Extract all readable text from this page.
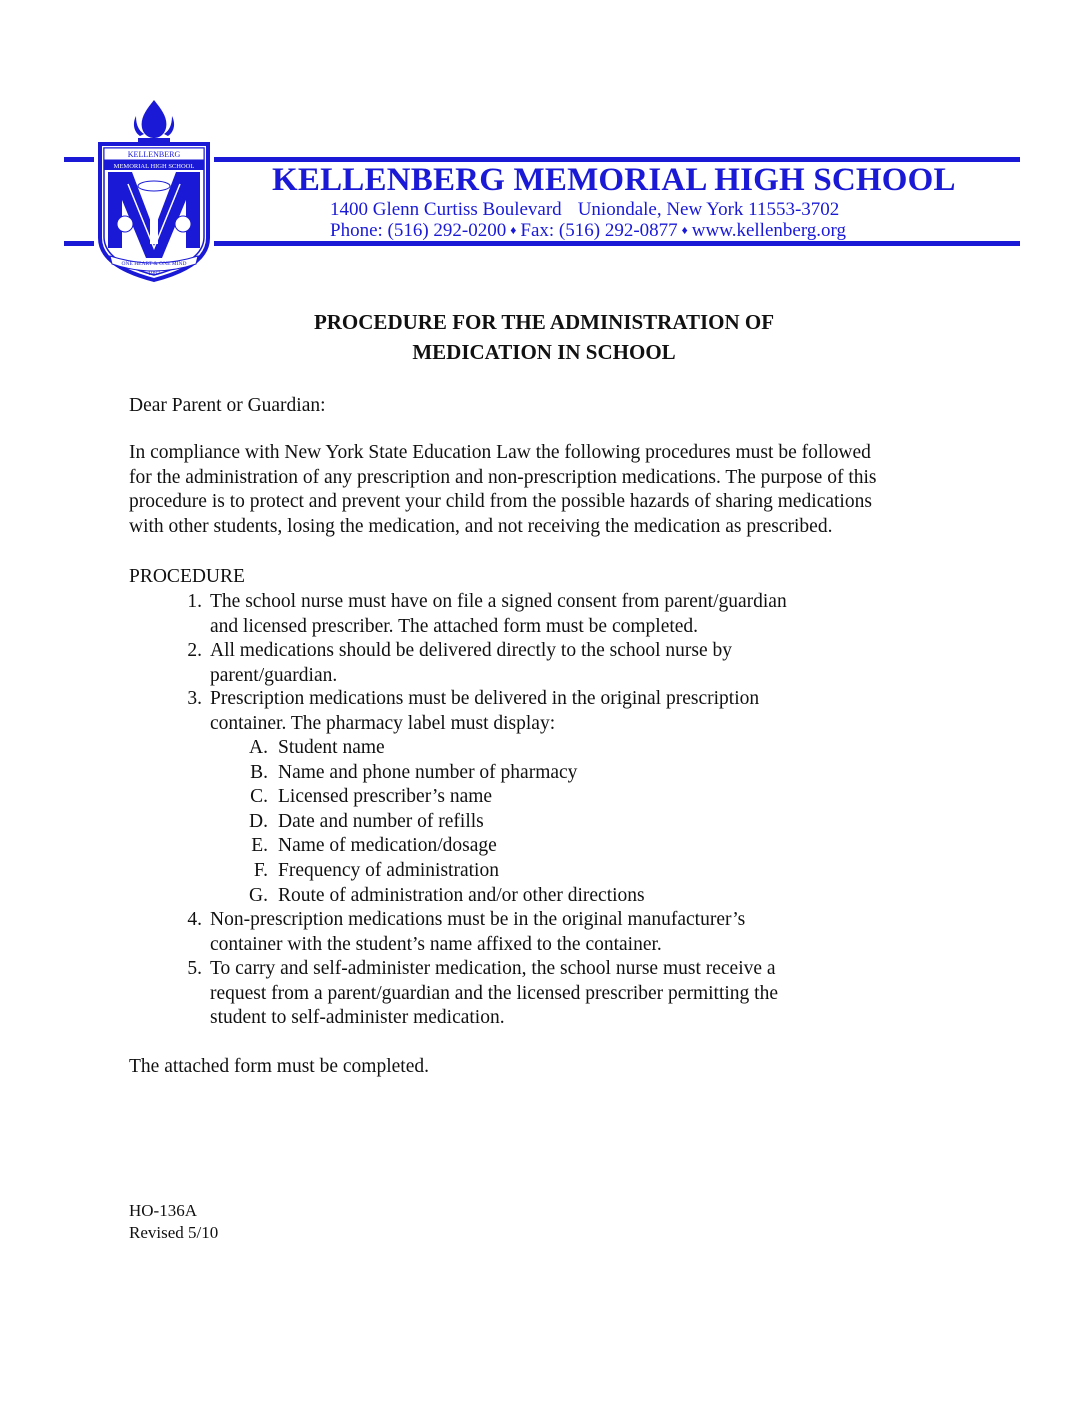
KELLENBERG
MEMORIAL HIGH SCHOOL
ONE HEART & ONE MIND
1987
KELLENBERG MEMORIAL HIGH SCHOOL
1400 Glenn Curtiss Boulevard Uniondale, New York 11553-3702
Phone: (516) 292-0200 ♦ Fax: (516) 292-0877 ♦ www.kellenberg.org
PROCEDURE FOR THE ADMINISTRATION OF
MEDICATION IN SCHOOL
Dear Parent or Guardian:
In compliance with New York State Education Law the following procedures must be followed
for the administration of any prescription and non-prescription medications. The purpose of this
procedure is to protect and prevent your child from the possible hazards of sharing medications
with other students, losing the medication, and not receiving the medication as prescribed.
PROCEDURE
1. The school nurse must have on file a signed consent from parent/guardian
and licensed prescriber. The attached form must be completed.
2. All medications should be delivered directly to the school nurse by
parent/guardian.
3. Prescription medications must be delivered in the original prescription
container. The pharmacy label must display:
A. Student name
B. Name and phone number of pharmacy
C. Licensed prescriber’s name
D. Date and number of refills
E. Name of medication/dosage
F. Frequency of administration
G. Route of administration and/or other directions
4. Non-prescription medications must be in the original manufacturer’s
container with the student’s name affixed to the container.
5. To carry and self-administer medication, the school nurse must receive a
request from a parent/guardian and the licensed prescriber permitting the
student to self-administer medication.
The attached form must be completed.
HO-136A
Revised 5/10
